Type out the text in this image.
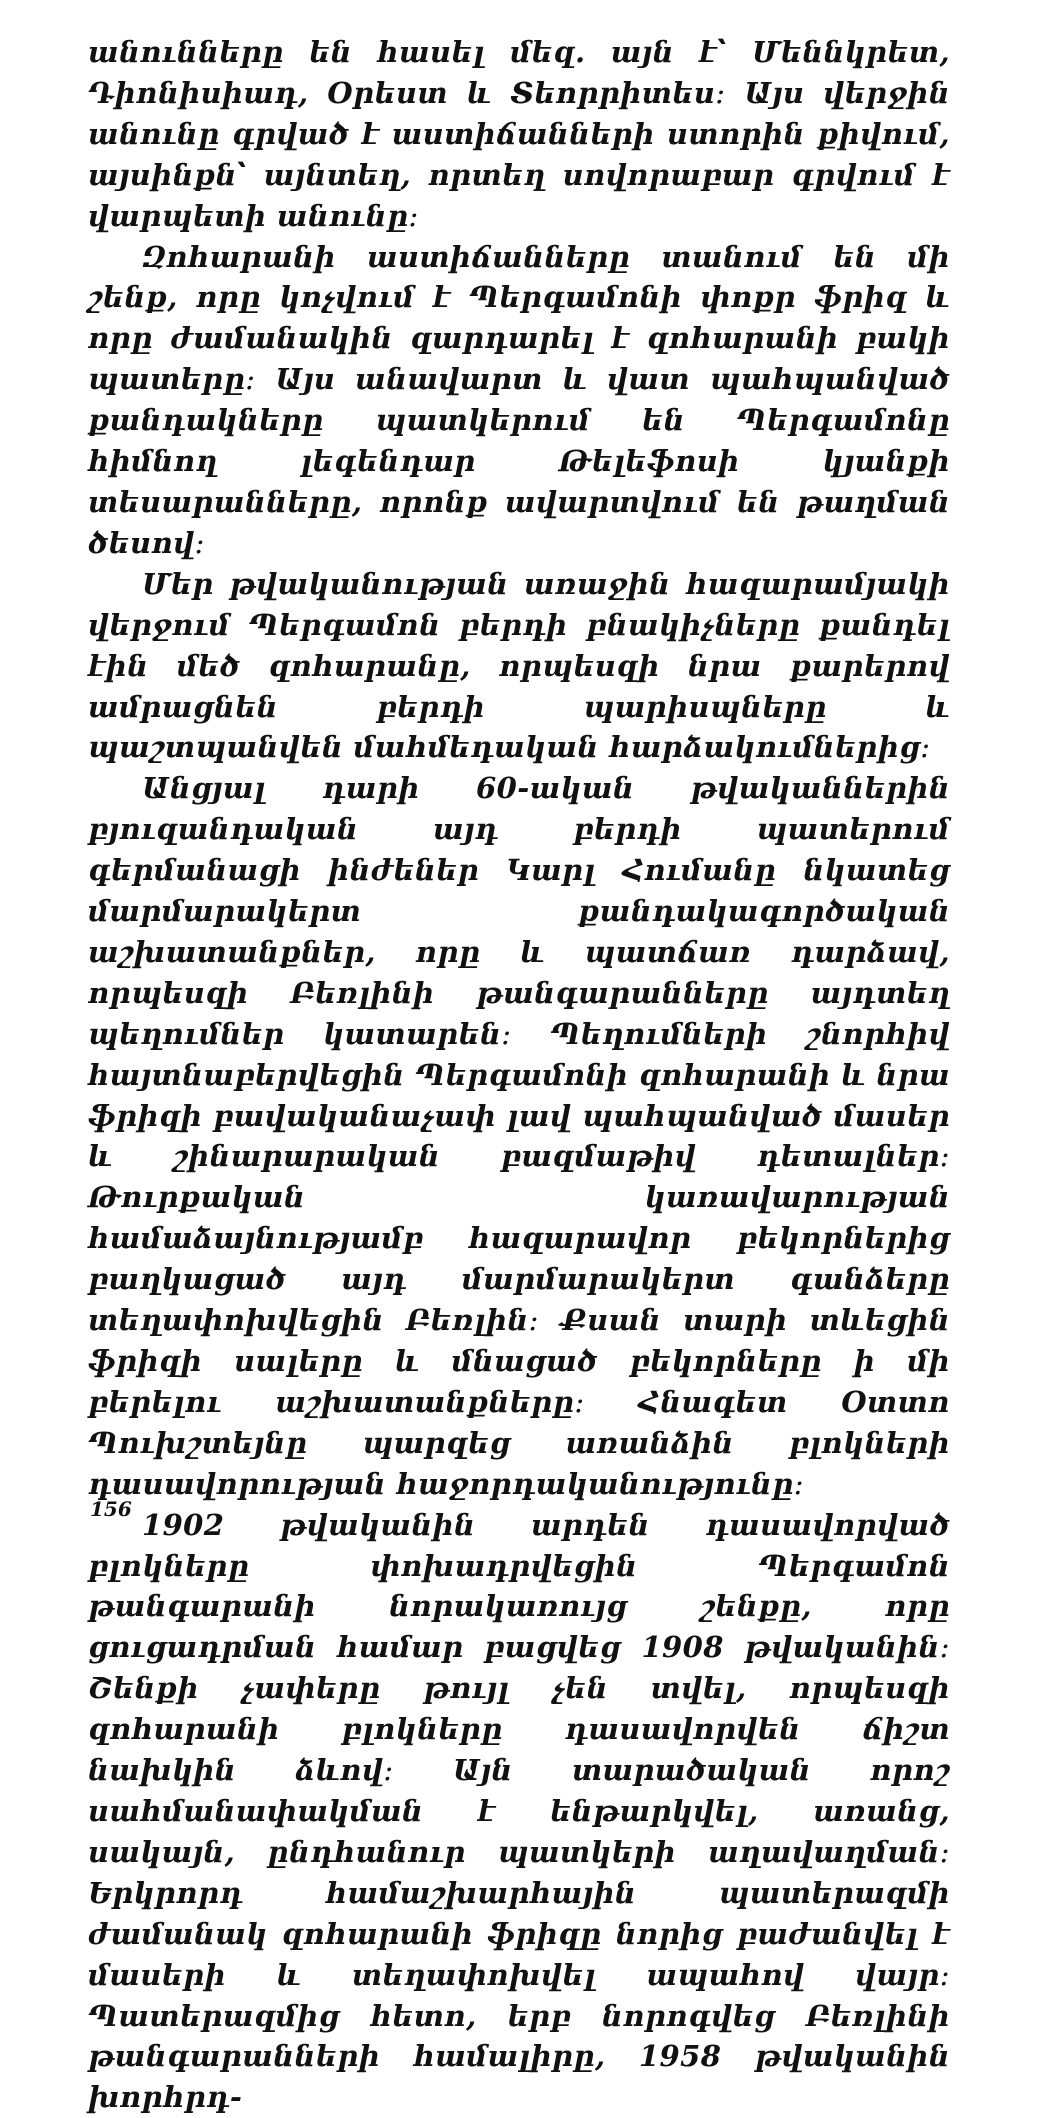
անունները են հասել մեզ. այն է՝ Մեննկրետ, Դիոնիսիադ, Օրեստ և Տեորրիտես։ Այս վերջին անունը գրված է աստիճանների ստորին քիվում, այսինքն՝ այնտեղ, որտեղ սովորաբար գրվում է վարպետի անունը։

Զոհարանի աստիճանները տանում են մի շենք, որը կոչվում է Պերգամոնի փոքր ֆրիզ և որը ժամանակին զարդարել է զոհարանի բակի պատերը։ Այս անավարտ և վատ պահպանված քանդակները պատկերում են Պերգամոնը հիմնող լեգենդար Թելեֆոսի կյանքի տեսարանները, որոնք ավարտվում են թաղման ծեսով։

Մեր թվականության առաջին հազարամյակի վերջում Պերգամոն բերդի բնակիչները քանդել էին մեծ զոհարանը, որպեսզի նրա քարերով ամրացնեն բերդի պարիսպները և պաշտպանվեն մահմեդական հարձակումներից։

Անցյալ դարի 60-ական թվականներին բյուզանդական այդ բերդի պատերում գերմանացի ինժեներ Կարլ Հումանը նկատեց մարմարակերտ քանդակագործական աշխատանքներ, որը և պատճառ դարձավ, որպեսզի Բեռլինի թանգարանները այդտեղ պեղումներ կատարեն։ Պեղումների շնորհիվ հայտնաբերվեցին Պերգամոնի զոհարանի և նրա ֆրիզի բավականաչափ լավ պահպանված մասեր և շինարարական բազմաթիվ դետալներ։ Թուրքական կառավարության համաձայնությամբ հազարավոր բեկորներից բաղկացած այդ մարմարակերտ գանձերը տեղափոխվեցին Բեռլին։ Քսան տարի տևեցին ֆրիզի սալերը և մնացած բեկորները ի մի բերելու աշխատանքները։ Հնագետ Օտտո Պուխշտեյնը պարզեց առանձին բլոկների դասավորության հաջորդականությունը։

1902 թվականին արդեն դասավորված բլոկները փոխադրվեցին Պերգամոն թանգարանի նորակառույց շենքը, որը ցուցադրման համար բացվեց 1908 թվականին։ Շենքի չափերը թույլ չեն տվել, որպեսզի զոհարանի բլոկները դասավորվեն ճիշտ նախկին ձևով։ Այն տարածական որոշ սահմանափակման է ենթարկվել, առանց, սակայն, ընդհանուր պատկերի աղավաղման։ Երկրորդ համաշխարհային պատերազմի ժամանակ զոհարանի ֆրիզը նորից բաժանվել է մասերի և տեղափոխվել ապահով վայր։ Պատերազմից հետո, երբ նորոգվեց Բեռլինի թանգարանների համալիրը, 1958 թվականին խորհրդ-

156
